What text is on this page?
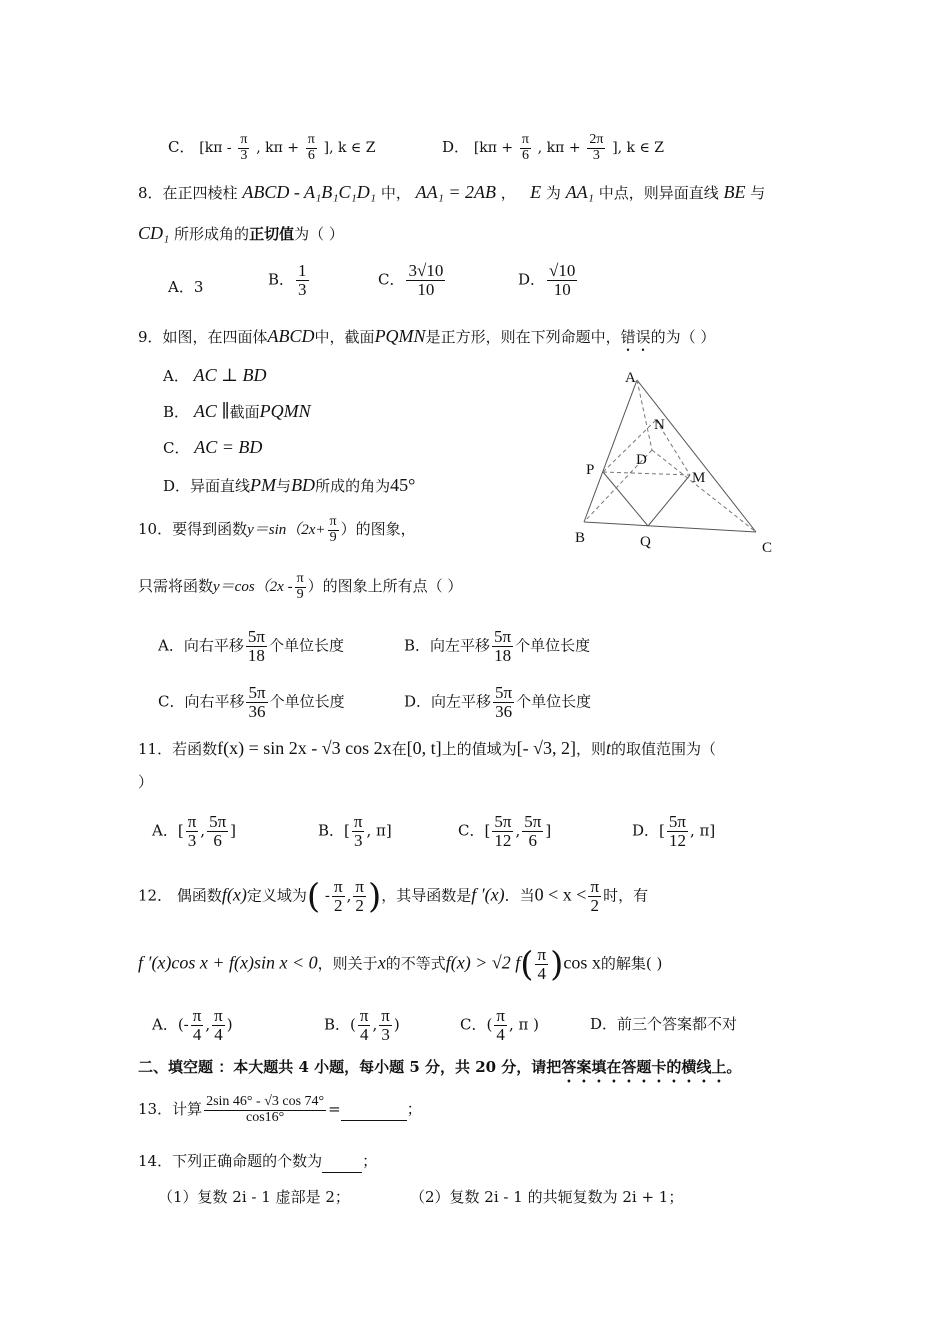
C． [$k\pi - \frac{\pi}{3}$ , $k\pi + \frac{\pi}{6}$ ], k ∈ Z	D． [$k\pi + \frac{\pi}{6}$ , $k\pi + \frac{2\pi}{3}$ ], k ∈ Z
8．在正四棱柱 ABCD - A₁B₁C₁D₁ 中， AA₁ = 2AB ， E 为 AA₁ 中点，则异面直线 BE 与
CD₁ 所形成角的正切值为（ ）
A．3	B． $\frac{1}{3}$	C． $\frac{3√10}{10}$	D． $\frac{√10}{10}$
9．如图，在四面体ABCD中，截面PQMN是正方形，则在下列命题中，错误的为（ ）
A． AC ⊥ BD
B． AC ∥截面PQMN
C． AC = BD
D．异面直线PM与BD所成的角为45°
A
B
C
D
N
P	M
Q
10．要得到函数$y=\sin(2x+ \frac{\pi}{9}$ ）的图象，
只需将函数$y=\cos(2x - \frac{\pi}{9}$ ）的图象上所有点（ ）
A．向右平移 $\frac{5\pi}{18}$ 个单位长度	B．向左平移 $\frac{5\pi}{18}$ 个单位长度
C．向右平移 $\frac{5\pi}{36}$ 个单位长度	D．向左平移 $\frac{5\pi}{36}$ 个单位长度
11．若函数f(x) = sin 2x - √3 cos 2x在[0, t]上的值域为[- √3, 2]，则t的取值范围为（
）
A．[ $\frac{\pi}{3}$ , $\frac{5\pi}{6}$ ]	B．[ $\frac{\pi}{3}$ , π]	C．[ $\frac{5\pi}{12}$ , $\frac{5\pi}{6}$ ]	D．[ $\frac{5\pi}{12}$ , π]
12． 偶函数f(x)定义域为( - $\frac{\pi}{2}$ , $\frac{\pi}{2}$ )，其导函数是f ′(x)．当$0 < x < \frac{\pi}{2}$ 时，有
f ′(x)cos x + f(x)sin x < 0，则关于x的不等式f(x) > √2 $f( \frac{\pi}{4} )\cos$ x的解集( )
A．(- $\frac{\pi}{4}$ , $\frac{\pi}{4}$ )	B．( $\frac{\pi}{4}$ , $\frac{\pi}{3}$ )	C．( $\frac{\pi}{4}$ , π )	D．前三个答案都不对
二、填空题 ：本大题共 4 小题，每小题 5 分，共 20 分，请把答案填在答题卡的横线上。
13．计算 $\frac{2\sin 46^\circ - √3 \cos 74^\circ}{\cos 16^\circ}$ =	；
14．下列正确命题的个数为	；
（1）复数 2i - 1 虚部是 2；	（2）复数 2i - 1 的共轭复数为 2i + 1；
